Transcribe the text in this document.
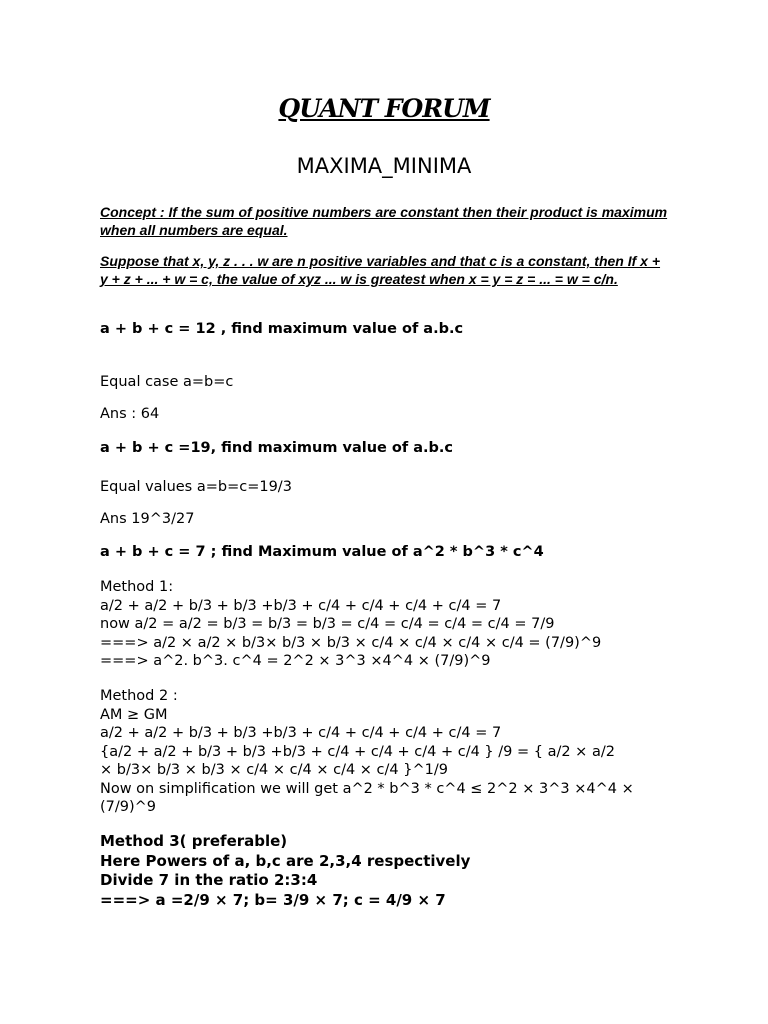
QUANT FORUM
MAXIMA_MINIMA
Concept : If the sum of positive numbers are constant then their product is maximum when all numbers are equal.
Suppose that x, y, z . . . w are n positive variables and that c is a constant, then If x + y + z + ... + w = c, the value of xyz ... w is greatest when x = y = z = ... = w = c/n.
a + b + c = 12 , find maximum value of a.b.c
Equal case a=b=c
Ans : 64
a + b + c =19, find maximum value of a.b.c
Equal values a=b=c=19/3
Ans 19^3/27
a + b + c = 7 ; find Maximum value of a^2 * b^3 * c^4
Method 1:
a/2 + a/2 + b/3 + b/3 +b/3 + c/4 + c/4 + c/4 + c/4 = 7
now a/2 = a/2 = b/3 = b/3 = b/3 = c/4 = c/4 = c/4 = c/4 = 7/9
===> a/2 × a/2 × b/3× b/3 × b/3 × c/4 × c/4 × c/4 × c/4 = (7/9)^9
===> a^2. b^3. c^4 = 2^2 × 3^3 ×4^4 × (7/9)^9
Method 2 :
AM ≥ GM
a/2 + a/2 + b/3 + b/3 +b/3 + c/4 + c/4 + c/4 + c/4 = 7
{a/2 + a/2 + b/3 + b/3 +b/3 + c/4 + c/4 + c/4 + c/4 } /9 = { a/2 × a/2
× b/3× b/3 × b/3 × c/4 × c/4 × c/4 × c/4 }^1/9
Now on simplification we will get a^2 * b^3 * c^4 ≤ 2^2 × 3^3 ×4^4 ×
(7/9)^9
Method 3( preferable)
Here Powers of a, b,c are 2,3,4 respectively
Divide 7 in the ratio 2:3:4
===> a =2/9 × 7; b= 3/9 × 7; c = 4/9 × 7
